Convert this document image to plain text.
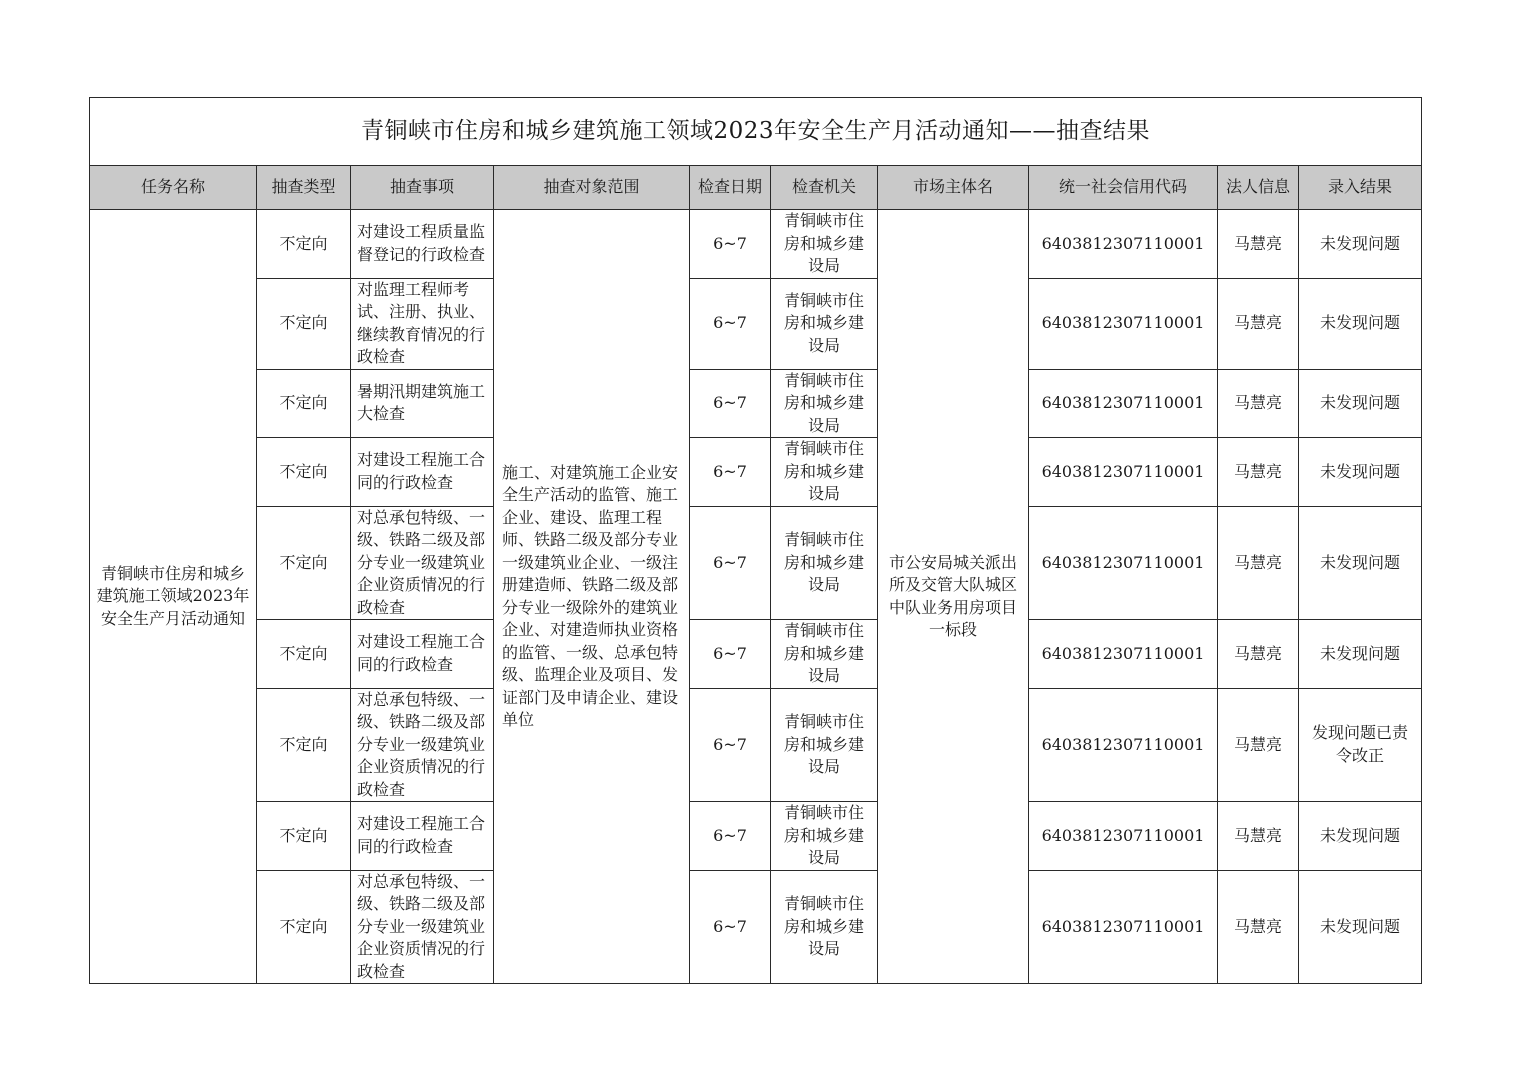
青铜峡市住房和城乡建筑施工领域2023年安全生产月活动通知——抽查结果									
任务名称	抽查类型	抽查事项	抽查对象范围	检查日期	检查机关	市场主体名	统一社会信用代码	法人信息	录入结果
青铜峡市住房和城乡建筑施工领域2023年安全生产月活动通知	不定向	对建设工程质量监督登记的行政检查	施工、对建筑施工企业安全生产活动的监管、施工企业、建设、监理工程师、铁路二级及部分专业一级建筑业企业、一级注册建造师、铁路二级及部分专业一级除外的建筑业企业、对建造师执业资格的监管、一级、总承包特级、监理企业及项目、发证部门及申请企业、建设单位	6~7	青铜峡市住房和城乡建设局	市公安局城关派出所及交管大队城区中队业务用房项目一标段	6403812307110001	马慧亮	未发现问题
	不定向	对监理工程师考试、注册、执业、继续教育情况的行政检查		6~7	青铜峡市住房和城乡建设局		6403812307110001	马慧亮	未发现问题
	不定向	暑期汛期建筑施工大检查		6~7	青铜峡市住房和城乡建设局		6403812307110001	马慧亮	未发现问题
	不定向	对建设工程施工合同的行政检查		6~7	青铜峡市住房和城乡建设局		6403812307110001	马慧亮	未发现问题
	不定向	对总承包特级、一级、铁路二级及部分专业一级建筑业企业资质情况的行政检查		6~7	青铜峡市住房和城乡建设局		6403812307110001	马慧亮	未发现问题
	不定向	对建设工程施工合同的行政检查		6~7	青铜峡市住房和城乡建设局		6403812307110001	马慧亮	未发现问题
	不定向	对总承包特级、一级、铁路二级及部分专业一级建筑业企业资质情况的行政检查		6~7	青铜峡市住房和城乡建设局		6403812307110001	马慧亮	发现问题已责令改正
	不定向	对建设工程施工合同的行政检查		6~7	青铜峡市住房和城乡建设局		6403812307110001	马慧亮	未发现问题
	不定向	对总承包特级、一级、铁路二级及部分专业一级建筑业企业资质情况的行政检查		6~7	青铜峡市住房和城乡建设局		6403812307110001	马慧亮	未发现问题
